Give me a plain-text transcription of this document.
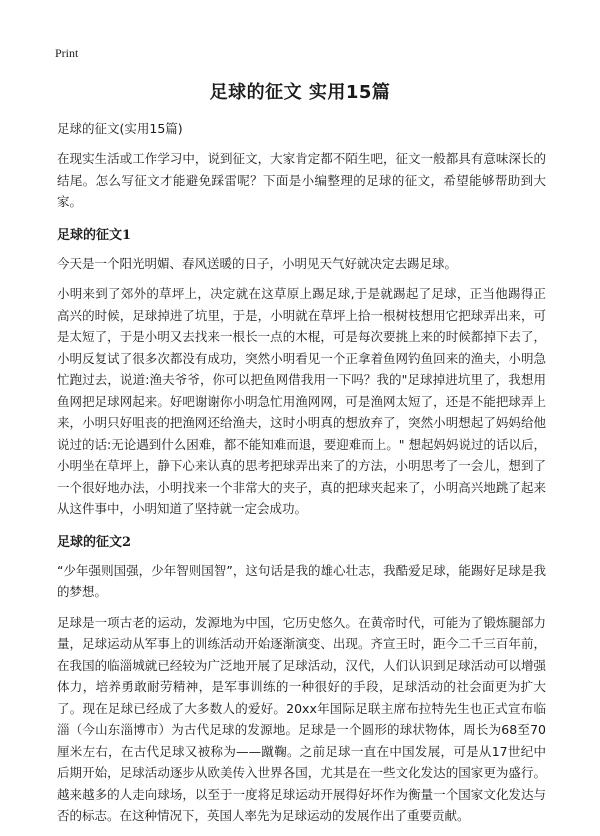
Print
足球的征文 实用15篇
足球的征文(实用15篇)

在现实生活或工作学习中，说到征文，大家肯定都不陌生吧，征文一般都具有意味深长的结尾。怎么写征文才能避免踩雷呢？下面是小编整理的足球的征文，希望能够帮助到大家。

足球的征文1

今天是一个阳光明媚、春风送暖的日子，小明见天气好就决定去踢足球。

小明来到了郊外的草坪上，决定就在这草原上踢足球,于是就踢起了足球，正当他踢得正高兴的时候，足球掉进了坑里，于是，小明就在草坪上拾一根树枝想用它把球弄出来，可是太短了，于是小明又去找来一根长一点的木棍，可是每次要挑上来的时候都掉下去了，小明反复试了很多次都没有成功，突然小明看见一个正拿着鱼网钓鱼回来的渔夫，小明急忙跑过去，说道:渔夫爷爷，你可以把鱼网借我用一下吗？我的"足球掉进坑里了，我想用鱼网把足球网起来。好吧谢谢你小明急忙用渔网网，可是渔网太短了，还是不能把球弄上来，小明只好咀丧的把渔网还给渔夫，这时小明真的想放弃了，突然小明想起了妈妈给他说过的话:无论遇到什么困难，都不能知难而退，要迎难而上。" 想起妈妈说过的话以后，小明坐在草坪上，静下心来认真的思考把球弄出来了的方法，小明思考了一会儿，想到了一个很好地办法，小明找来一个非常大的夹子，真的把球夹起来了，小明高兴地跳了起来从这件事中，小明知道了坚持就一定会成功。

足球的征文2

“少年强则国强，少年智则国智”，这句话是我的雄心壮志，我酷爱足球，能踢好足球是我的梦想。

足球是一项古老的运动，发源地为中国，它历史悠久。在黄帝时代，可能为了锻炼腿部力量，足球运动从军事上的训练活动开始逐渐演变、出现。齐宣王时，距今二千三百年前，在我国的临淄城就已经较为广泛地开展了足球活动，汉代，人们认识到足球活动可以增强体力，培养勇敢耐劳精神，是军事训练的一种很好的手段，足球活动的社会面更为扩大了。现在足球已经成了大多数人的爱好。20xx年国际足联主席布拉特先生也正式宣布临淄（今山东淄博市）为古代足球的发源地。足球是一个圆形的球状物体，周长为68至70厘米左右，在古代足球又被称为——蹴鞠。之前足球一直在中国发展，可是从17世纪中后期开始，足球活动逐步从欧美传入世界各国，尤其是在一些文化发达的国家更为盛行。越来越多的人走向球场，以至于一度将足球运动开展得好坏作为衡量一个国家文化发达与否的标志。在这种情况下，英国人率先为足球运动的发展作出了重要贡献。
